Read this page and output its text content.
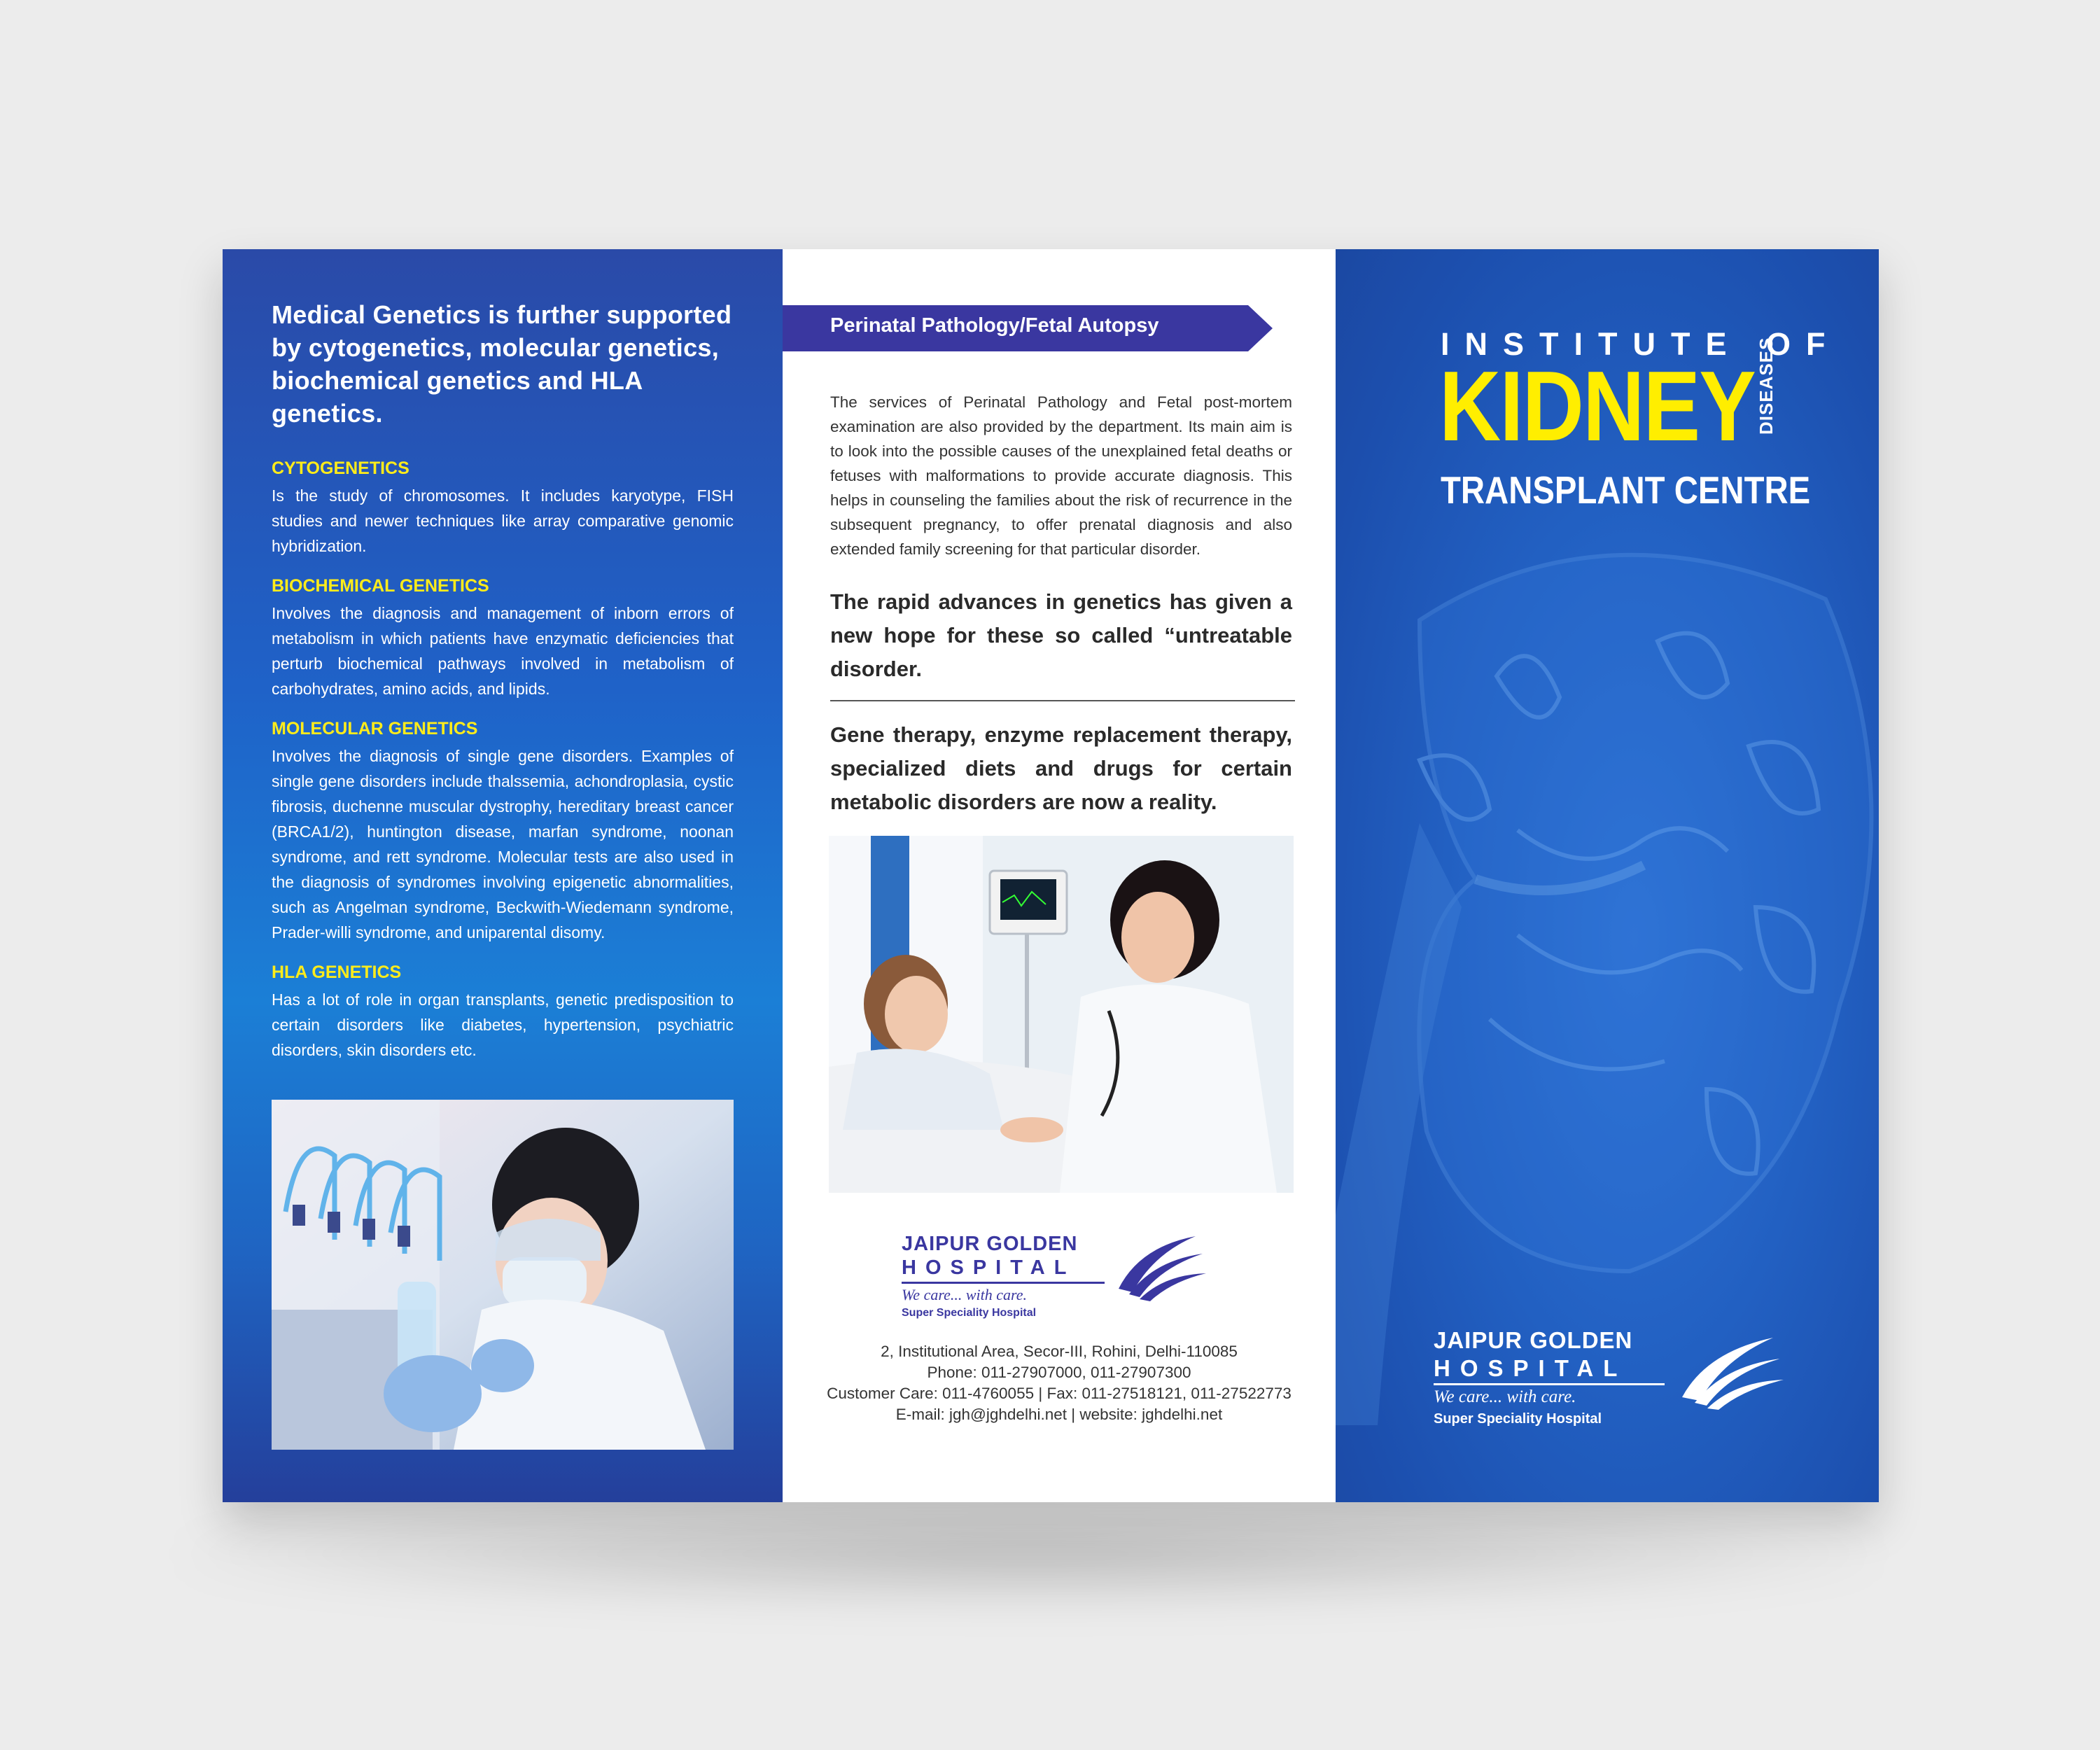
Medical Genetics is further supported by cytogenetics, molecular genetics, biochemical genetics and HLA genetics.

CYTOGENETICS

Is the study of chromosomes. It includes karyotype, FISH studies and newer techniques like array comparative genomic hybridization.

BIOCHEMICAL GENETICS

Involves the diagnosis and management of inborn errors of metabolism in which patients have enzymatic deficiencies that perturb biochemical pathways involved in metabolism of carbohydrates, amino acids, and lipids.

MOLECULAR GENETICS

Involves the diagnosis of single gene disorders. Examples of single gene disorders include thalssemia, achondroplasia, cystic fibrosis, duchenne muscular dystrophy, hereditary breast cancer (BRCA1/2), huntington disease, marfan syndrome, noonan syndrome, and rett syndrome. Molecular tests are also used in the diagnosis of syndromes involving epigenetic abnormalities, such as Angelman syndrome, Beckwith-Wiedemann syndrome, Prader-willi syndrome, and uniparental disomy.

HLA GENETICS

Has a lot of role in organ transplants, genetic predisposition to certain disorders like diabetes, hypertension, psychiatric disorders, skin disorders etc.

Perinatal Pathology/Fetal Autopsy

The services of Perinatal Pathology and Fetal post-mortem examination are also provided by the department. Its main aim is to look into the possible causes of the unexplained fetal deaths or fetuses with malformations to provide accurate diagnosis. This helps in counseling the families about the risk of recurrence in the subsequent pregnancy, to offer prenatal diagnosis and also extended family screening for that particular disorder.

The rapid advances in genetics has given a new hope for these so called “untreatable disorder.
Gene therapy, enzyme replacement therapy, specialized diets and drugs for certain metabolic disorders are now a reality.
JAIPUR GOLDEN
HOSPITAL
We care... with care.
Super Speciality Hospital
2, Institutional Area, Secor-III, Rohini, Delhi-110085
Phone: 011-27907000, 011-27907300
Customer Care: 011-4760055 | Fax: 011-27518121, 011-27522773
E-mail: jgh@jghdelhi.net | website: jghdelhi.net
INSTITUTE OF
KIDNEY DISEASES
TRANSPLANT CENTRE
JAIPUR GOLDEN
HOSPITAL
We care... with care.
Super Speciality Hospital
